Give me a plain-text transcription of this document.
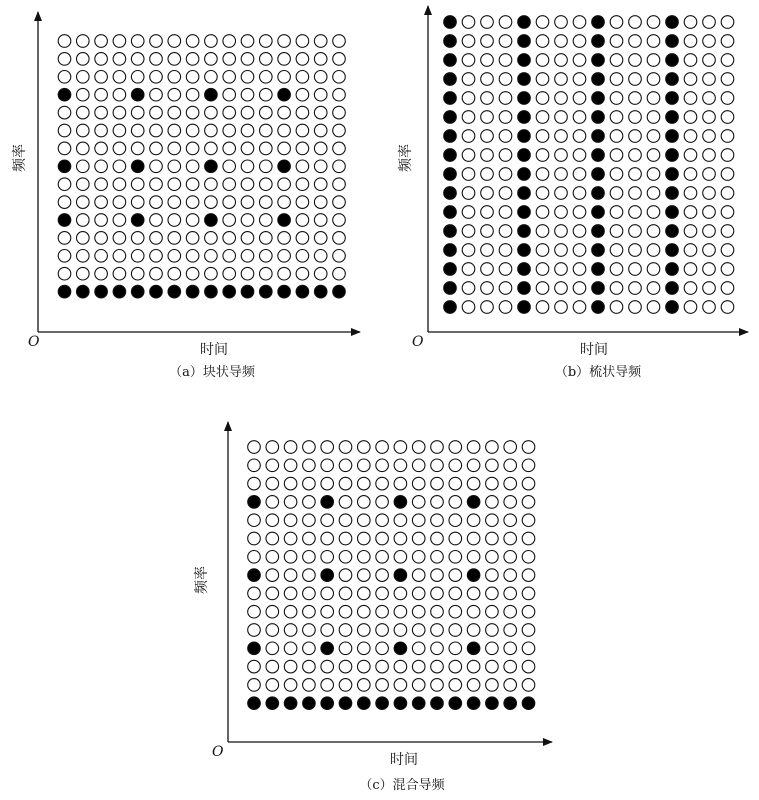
O
频率
时间
（a）块状导频
O
频率
时间
（b）梳状导频
O
频率
时间
（c）混合导频
